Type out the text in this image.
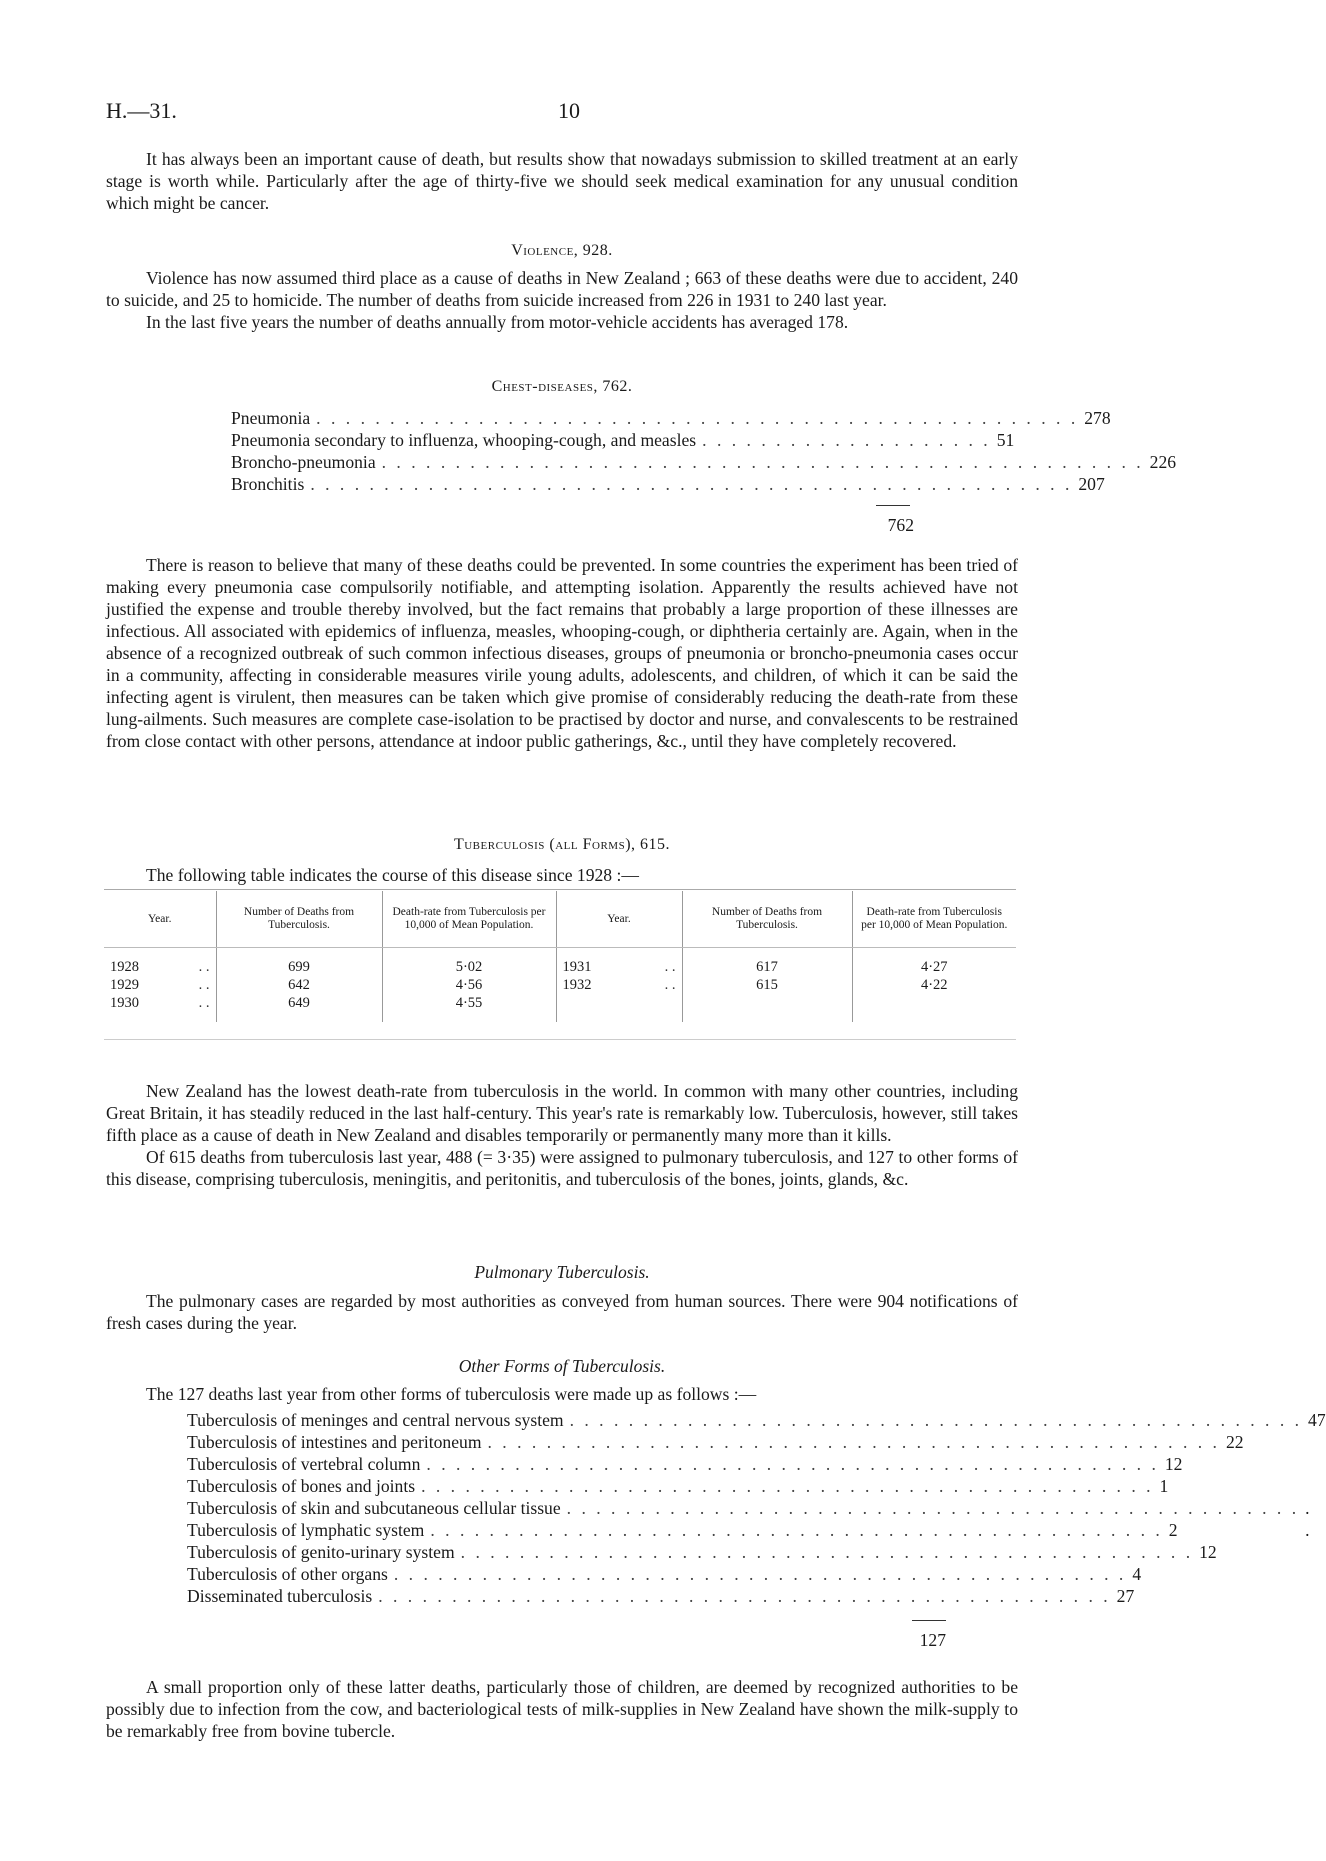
H.—31.	10

It has always been an important cause of death, but results show that nowadays submission to skilled treatment at an early stage is worth while. Particularly after the age of thirty-five we should seek medical examination for any unusual condition which might be cancer.

Violence, 928.

Violence has now assumed third place as a cause of deaths in New Zealand ; 663 of these deaths were due to accident, 240 to suicide, and 25 to homicide. The number of deaths from suicide increased from 226 in 1931 to 240 last year.

In the last five years the number of deaths annually from motor-vehicle accidents has averaged 178.

Chest-diseases, 762.
Pneumonia . . . . . . . . . . . . . . . . . . . . . . . . . . . . . . . . . . . . . . . . . . . . . . . . . . . . 278
Pneumonia secondary to influenza, whooping-cough, and measles . . . . . . . . . . . . . . . . . . . . 51
Broncho-pneumonia . . . . . . . . . . . . . . . . . . . . . . . . . . . . . . . . . . . . . . . . . . . . . . . . . . . . 226
Bronchitis . . . . . . . . . . . . . . . . . . . . . . . . . . . . . . . . . . . . . . . . . . . . . . . . . . . . 207
762

There is reason to believe that many of these deaths could be prevented. In some countries the experiment has been tried of making every pneumonia case compulsorily notifiable, and attempting isolation. Apparently the results achieved have not justified the expense and trouble thereby involved, but the fact remains that probably a large proportion of these illnesses are infectious. All associated with epidemics of influenza, measles, whooping-cough, or diphtheria certainly are. Again, when in the absence of a recognized outbreak of such common infectious diseases, groups of pneumonia or broncho-pneumonia cases occur in a community, affecting in considerable measures virile young adults, adolescents, and children, of which it can be said the infecting agent is virulent, then measures can be taken which give promise of considerably reducing the death-rate from these lung-ailments. Such measures are complete case-isolation to be practised by doctor and nurse, and convalescents to be restrained from close contact with other persons, attendance at indoor public gatherings, &c., until they have completely recovered.

Tuberculosis (all Forms), 615.

The following table indicates the course of this disease since 1928 :—

Year.	Number of Deaths from Tuberculosis.	Death-rate from Tuberculosis per 10,000 of Mean Population.	Year.	Number of Deaths from Tuberculosis.	Death-rate from Tuberculosis per 10,000 of Mean Population.

1928 . .	699	5·02	1931 . .	617	4·27
1929 . .	642	4·56	1932 . .	615	4·22
1930 . .	649	4·55			

New Zealand has the lowest death-rate from tuberculosis in the world. In common with many other countries, including Great Britain, it has steadily reduced in the last half-century. This year's rate is remarkably low. Tuberculosis, however, still takes fifth place as a cause of death in New Zealand and disables temporarily or permanently many more than it kills.

Of 615 deaths from tuberculosis last year, 488 (= 3·35) were assigned to pulmonary tuberculosis, and 127 to other forms of this disease, comprising tuberculosis, meningitis, and peritonitis, and tuberculosis of the bones, joints, glands, &c.

Pulmonary Tuberculosis.

The pulmonary cases are regarded by most authorities as conveyed from human sources. There were 904 notifications of fresh cases during the year.

Other Forms of Tuberculosis.

The 127 deaths last year from other forms of tuberculosis were made up as follows :—

Tuberculosis of meninges and central nervous system . . . . . . . . . . . . . . . . . . . . . . . . . . . . . . . . . . . . . . . . . . . . . . . . . . 47
Tuberculosis of intestines and peritoneum . . . . . . . . . . . . . . . . . . . . . . . . . . . . . . . . . . . . . . . . . . . . . . . . . . 22
Tuberculosis of vertebral column . . . . . . . . . . . . . . . . . . . . . . . . . . . . . . . . . . . . . . . . . . . . . . . . . . 12
Tuberculosis of bones and joints . . . . . . . . . . . . . . . . . . . . . . . . . . . . . . . . . . . . . . . . . . . . . . . . . . 1
Tuberculosis of skin and subcutaneous cellular tissue . . . . . . . . . . . . . . . . . . . . . . . . . . . . . . . . . . . . . . . . . . . . . . . . . . . .
Tuberculosis of lymphatic system . . . . . . . . . . . . . . . . . . . . . . . . . . . . . . . . . . . . . . . . . . . . . . . . . . 2
Tuberculosis of genito-urinary system . . . . . . . . . . . . . . . . . . . . . . . . . . . . . . . . . . . . . . . . . . . . . . . . . . 12
Tuberculosis of other organs . . . . . . . . . . . . . . . . . . . . . . . . . . . . . . . . . . . . . . . . . . . . . . . . . . 4
Disseminated tuberculosis . . . . . . . . . . . . . . . . . . . . . . . . . . . . . . . . . . . . . . . . . . . . . . . . . . 27
127

A small proportion only of these latter deaths, particularly those of children, are deemed by recognized authorities to be possibly due to infection from the cow, and bacteriological tests of milk-supplies in New Zealand have shown the milk-supply to be remarkably free from bovine tubercle.
